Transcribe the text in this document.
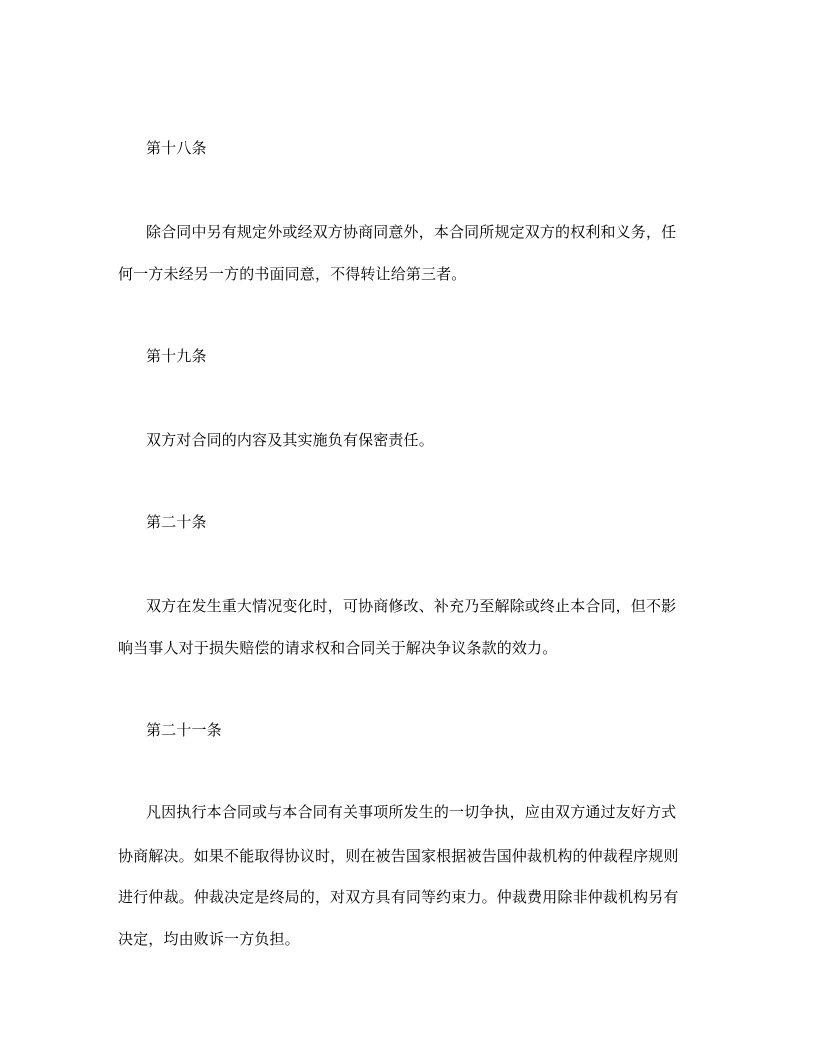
第十八条
除合同中另有规定外或经双方协商同意外，本合同所规定双方的权利和义务，任
何一方未经另一方的书面同意，不得转让给第三者。
第十九条
双方对合同的内容及其实施负有保密责任。
第二十条
双方在发生重大情况变化时，可协商修改、补充乃至解除或终止本合同，但不影
响当事人对于损失赔偿的请求权和合同关于解决争议条款的效力。
第二十一条
凡因执行本合同或与本合同有关事项所发生的一切争执，应由双方通过友好方式
协商解决。如果不能取得协议时，则在被告国家根据被告国仲裁机构的仲裁程序规则
进行仲裁。仲裁决定是终局的，对双方具有同等约束力。仲裁费用除非仲裁机构另有
决定，均由败诉一方负担。
